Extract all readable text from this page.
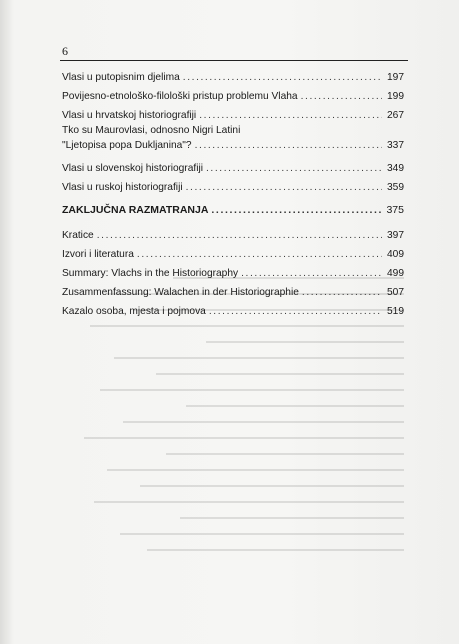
6
Vlasi u putopisnim djelima .....	197
Povijesno-etnološko-filološki pristup problemu Vlaha .....	199
Vlasi u hrvatskoj historiografiji .....	267
Tko su Maurovlasi, odnosno Nigri Latini
"Ljetopisa popa Dukljanina"? .....	337
Vlasi u slovenskoj historiografiji .....	349
Vlasi u ruskoj historiografiji .....	359
ZAKLJUČNA RAZMATRANJA .....	375
Kratice .....	397
Izvori i literatura .....	409
Summary: Vlachs in the Historiography .....	499
Zusammenfassung: Walachen in der Historiographie .....	507
Kazalo osoba, mjesta i pojmova .....	519
